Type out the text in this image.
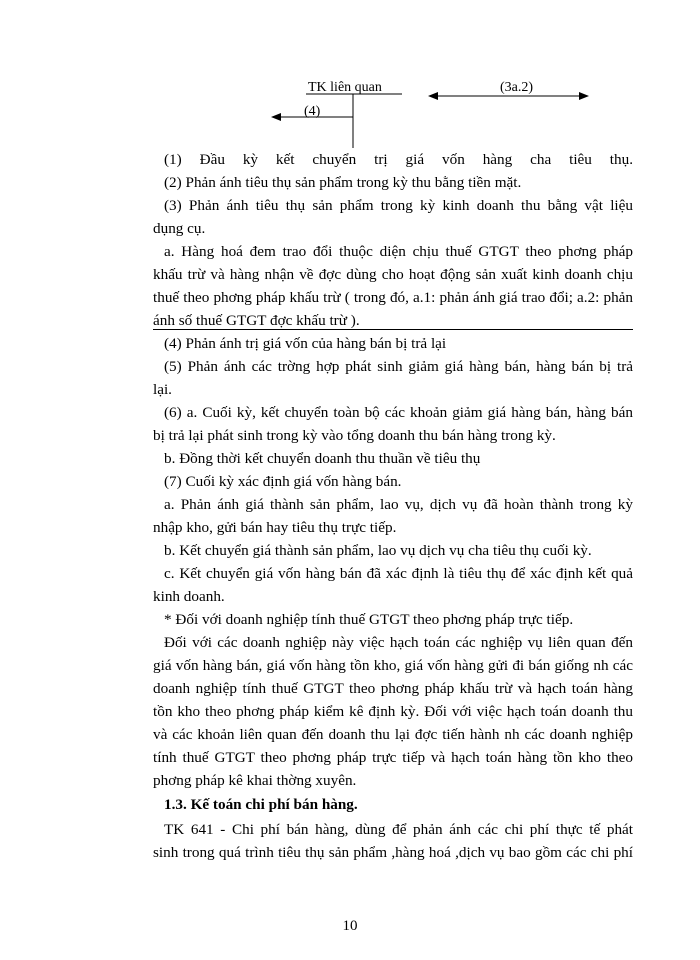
TK liên quan	(3a.2)
(4)
(1) Đầu kỳ kết chuyển trị giá vốn hàng cha tiêu thụ.
(2) Phản ánh tiêu thụ sản phẩm trong kỳ thu bằng tiền mặt.
(3) Phản ánh tiêu thụ sản phẩm trong kỳ kinh doanh thu bằng vật liệu
dụng cụ.
a. Hàng hoá đem trao đổi thuộc diện chịu thuế GTGT theo phơng pháp
khấu trừ và hàng nhận về đợc dùng cho hoạt động sản xuất kinh doanh chịu
thuế theo phơng pháp khấu trừ ( trong đó, a.1: phản ánh giá trao đổi; a.2: phản
ánh số thuế GTGT đợc khấu trừ ).
(4) Phản ánh trị giá vốn của hàng bán bị trả lại
(5) Phản ánh các trờng hợp phát sinh giảm giá hàng bán, hàng bán bị trả
lại.
(6) a. Cuối kỳ, kết chuyển toàn bộ các khoản giảm giá hàng bán, hàng bán
bị trả lại phát sinh trong kỳ vào tổng doanh thu bán hàng trong kỳ.
b. Đồng thời kết chuyển doanh thu thuần về tiêu thụ
(7) Cuối kỳ xác định giá vốn hàng bán.
a. Phản ánh giá thành sản phẩm, lao vụ, dịch vụ đã hoàn thành trong kỳ
nhập kho, gửi bán hay tiêu thụ trực tiếp.
b. Kết chuyển giá thành sản phẩm, lao vụ dịch vụ cha tiêu thụ cuối kỳ.
c. Kết chuyển giá vốn hàng bán đã xác định là tiêu thụ để xác định kết quả
kinh doanh.
* Đối với doanh nghiệp tính thuế GTGT theo phơng pháp trực tiếp.
Đối với các doanh nghiệp này việc hạch toán các nghiệp vụ liên quan đến
giá vốn hàng bán, giá vốn hàng tồn kho, giá vốn hàng gửi đi bán giống nh các
doanh nghiệp tính thuế GTGT theo phơng pháp khấu trừ và hạch toán hàng
tồn kho theo phơng pháp kiểm kê định kỳ. Đối với việc hạch toán doanh thu
và các khoản liên quan đến doanh thu lại đợc tiến hành nh các doanh nghiệp
tính thuế GTGT theo phơng pháp trực tiếp và hạch toán hàng tồn kho theo
phơng pháp kê khai thờng xuyên.
1.3. Kế toán chi phí bán hàng.
TK 641 - Chi phí bán hàng, dùng để phản ánh các chi phí thực tế phát
sinh trong quá trình tiêu thụ sản phẩm ,hàng hoá ,dịch vụ bao gồm các chi phí
10
